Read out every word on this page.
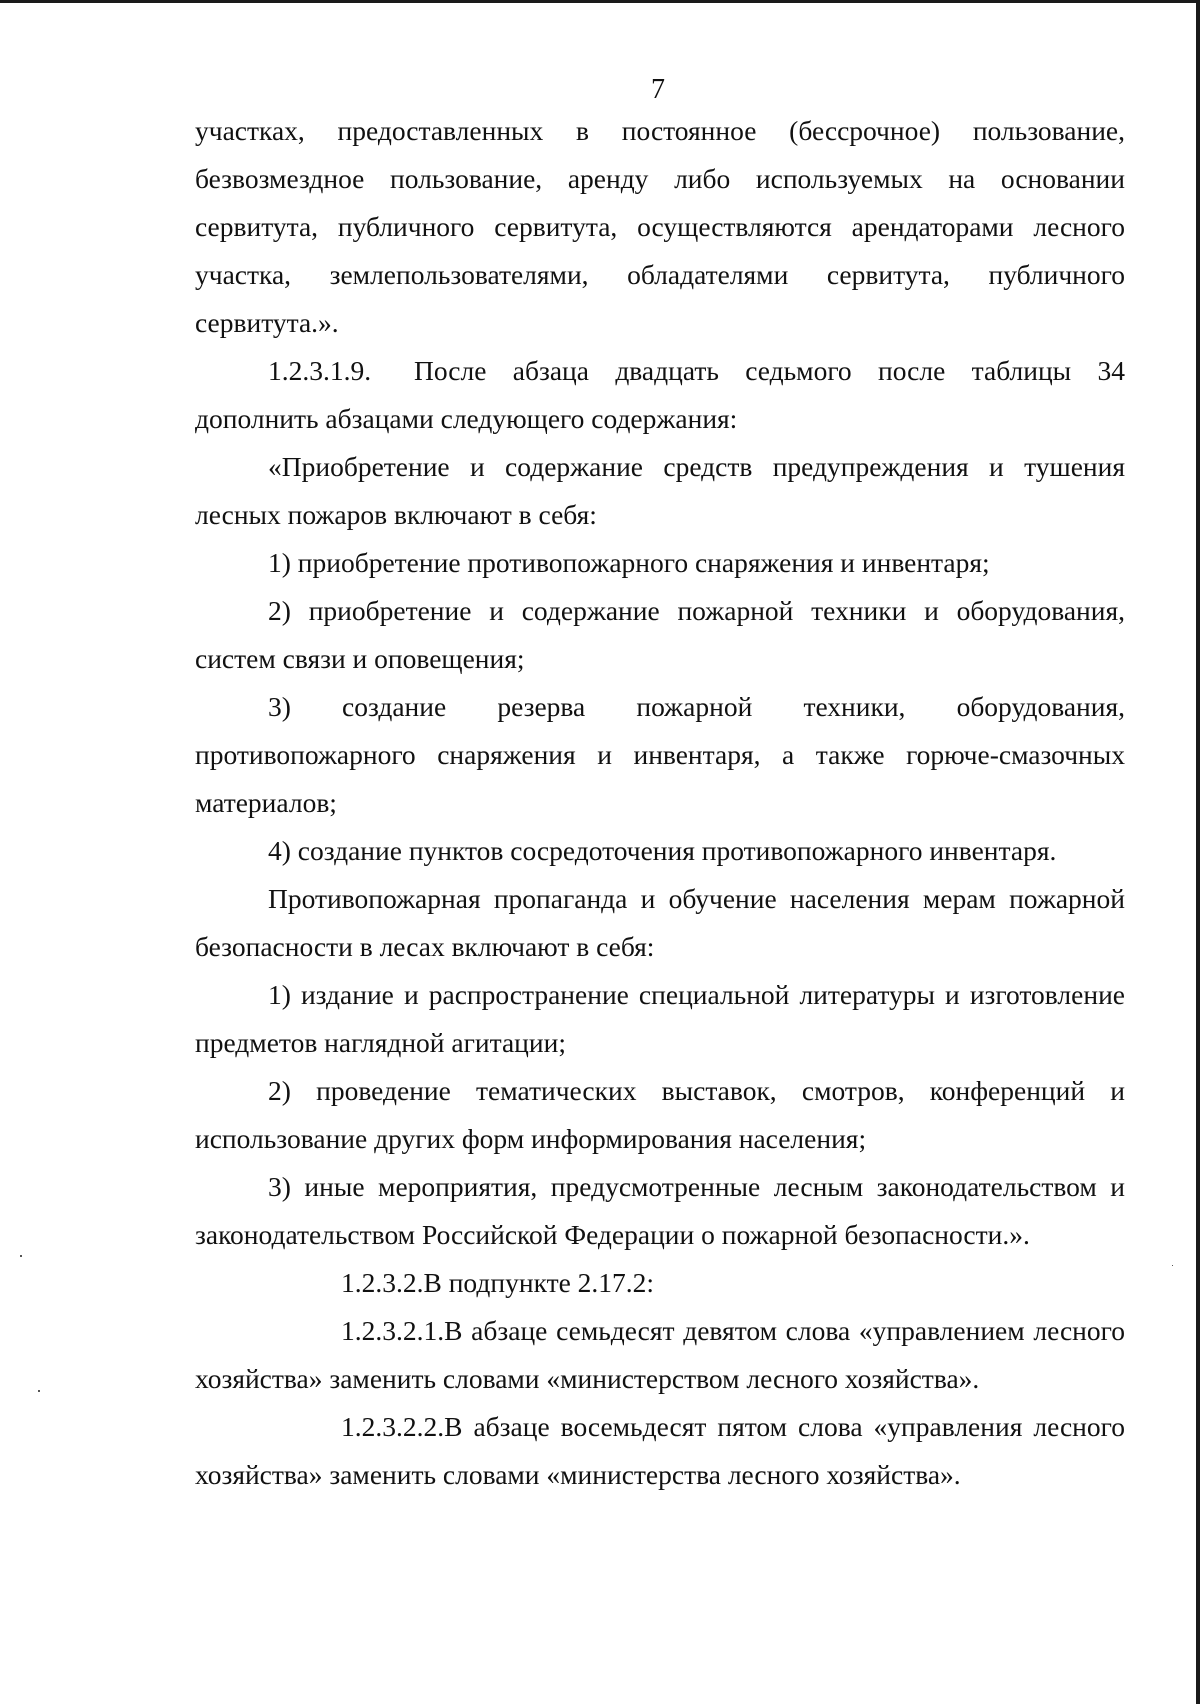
7

участках, предоставленных в постоянное (бессрочное) пользование, безвозмездное пользование, аренду либо используемых на основании сервитута, публичного сервитута, осуществляются арендаторами лесного участка, землепользователями, обладателями сервитута, публичного сервитута.».

1.2.3.1.9. После абзаца двадцать седьмого после таблицы 34 дополнить абзацами следующего содержания:

«Приобретение и содержание средств предупреждения и тушения лесных пожаров включают в себя:

1) приобретение противопожарного снаряжения и инвентаря;

2) приобретение и содержание пожарной техники и оборудования, систем связи и оповещения;

3) создание резерва пожарной техники, оборудования, противопожарного снаряжения и инвентаря, а также горюче-смазочных материалов;

4) создание пунктов сосредоточения противопожарного инвентаря.

Противопожарная пропаганда и обучение населения мерам пожарной безопасности в лесах включают в себя:

1) издание и распространение специальной литературы и изготовление предметов наглядной агитации;

2) проведение тематических выставок, смотров, конференций и использование других форм информирования населения;

3) иные мероприятия, предусмотренные лесным законодательством и законодательством Российской Федерации о пожарной безопасности.».

1.2.3.2.В подпункте 2.17.2:

1.2.3.2.1.В абзаце семьдесят девятом слова «управлением лесного хозяйства» заменить словами «министерством лесного хозяйства».

1.2.3.2.2.В абзаце восемьдесят пятом слова «управления лесного хозяйства» заменить словами «министерства лесного хозяйства».
